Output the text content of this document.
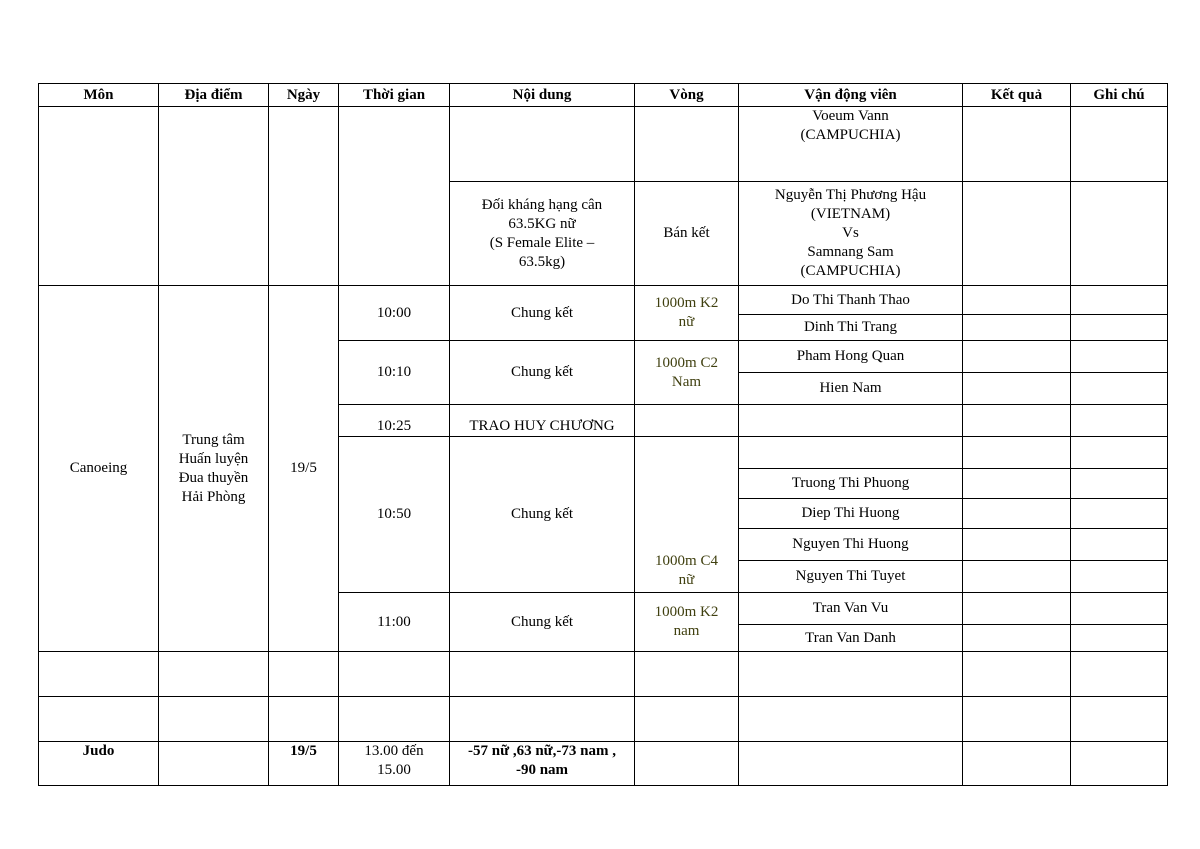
Môn	Địa điểm	Ngày	Thời gian	Nội dung	Vòng	Vận động viên	Kết quả	Ghi chú

						Voeum Vann
(CAMPUCHIA)		

				Đối kháng hạng cân
63.5KG nữ
(S Female Elite –
63.5kg)	Bán kết	Nguyễn Thị Phương Hậu
(VIETNAM)
Vs
Samnang Sam
(CAMPUCHIA)		

Canoeing	Trung tâm
Huấn luyện
Đua thuyền
Hải Phòng	19/5	10:00	Chung kết	1000m K2
nữ	Do Thi Thanh Thao		
						Dinh Thi Trang		
			10:10	Chung kết	1000m C2
Nam	Pham Hong Quan		
						Hien Nam		
			10:25	TRAO HUY CHƯƠNG				
			10:50	Chung kết	1000m C4
nữ			

						Truong Thi Phuong		
						Diep Thi Huong		
						Nguyen Thi Huong		
						Nguyen Thi Tuyet		
			11:00	Chung kết	1000m K2
nam	Tran Van Vu		
						Tran Van Danh		

Judo		19/5	13.00 đến
15.00	-57 nữ ,63 nữ,-73 nam ,
-90 nam				
